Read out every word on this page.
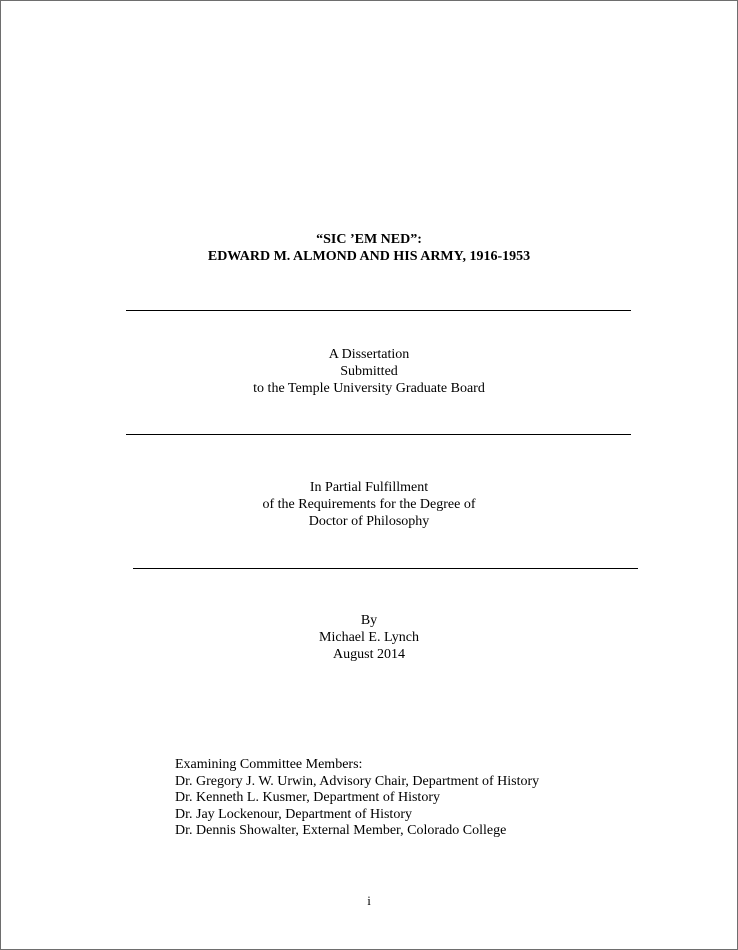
“SIC ’EM NED”:
EDWARD M. ALMOND AND HIS ARMY, 1916-1953
A Dissertation
Submitted
to the Temple University Graduate Board
In Partial Fulfillment
of the Requirements for the Degree of
Doctor of Philosophy
By
Michael E. Lynch
August 2014
Examining Committee Members:
Dr. Gregory J. W. Urwin, Advisory Chair, Department of History
Dr. Kenneth L. Kusmer, Department of History
Dr. Jay Lockenour, Department of History
Dr. Dennis Showalter, External Member, Colorado College
i
